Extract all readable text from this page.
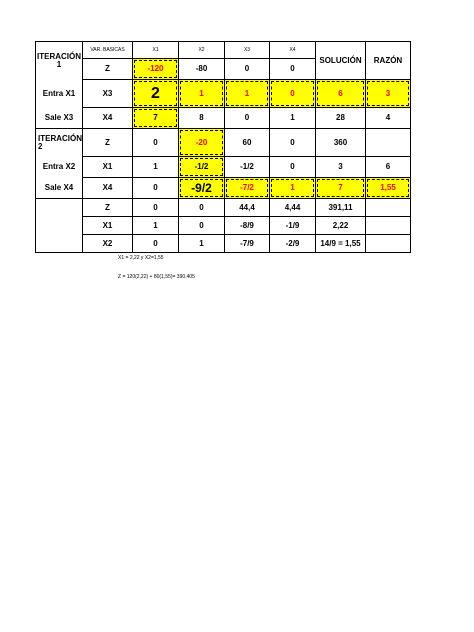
ITERACIÓN 1	VAR. BASICAS	X1	X2	X3	X4	SOLUCIÓN	RAZÓN
	Z	-120	-80	0	0		
Entra X1	X3	2	1	1	0	6	3
Sale X3	X4	7	8	0	1	28	4
ITERACIÓN 2	Z	0	-20	60	0	360	
Entra X2	X1	1	-1/2	-1/2	0	3	6
Sale X4	X4	0	-9/2	-7/2	1	7	1,55
	Z	0	0	44,4	4,44	391,11	
	X1	1	0	-8/9	-1/9	2,22	
	X2	0	1	-7/9	-2/9	14/9 = 1,55	
X1 = 2,22 y X2=1,55
Z = 120(2,22) + 80(1,55)= 390,405
